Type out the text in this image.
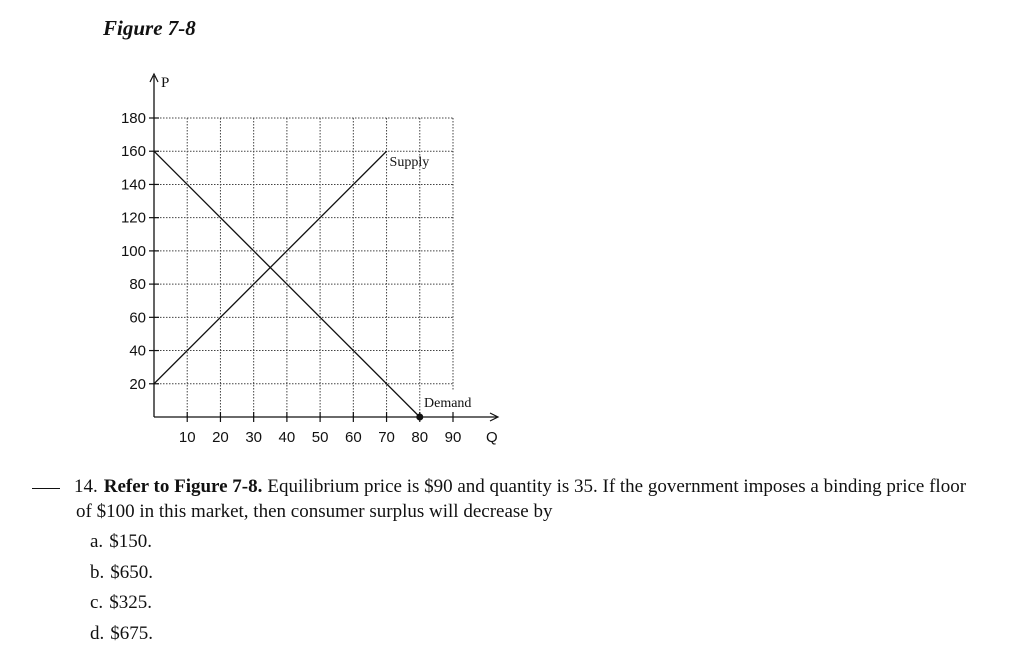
Figure 7-8
20
40
60
80
100
120
140
160
180
10 20 30 40 50 60 70 80 90
P
Q
Supply
Demand
14. Refer to Figure 7-8. Equilibrium price is $90 and quantity is 35. If the government imposes a binding price floor
of $100 in this market, then consumer surplus will decrease by
a. $150.
b. $650.
c. $325.
d. $675.
